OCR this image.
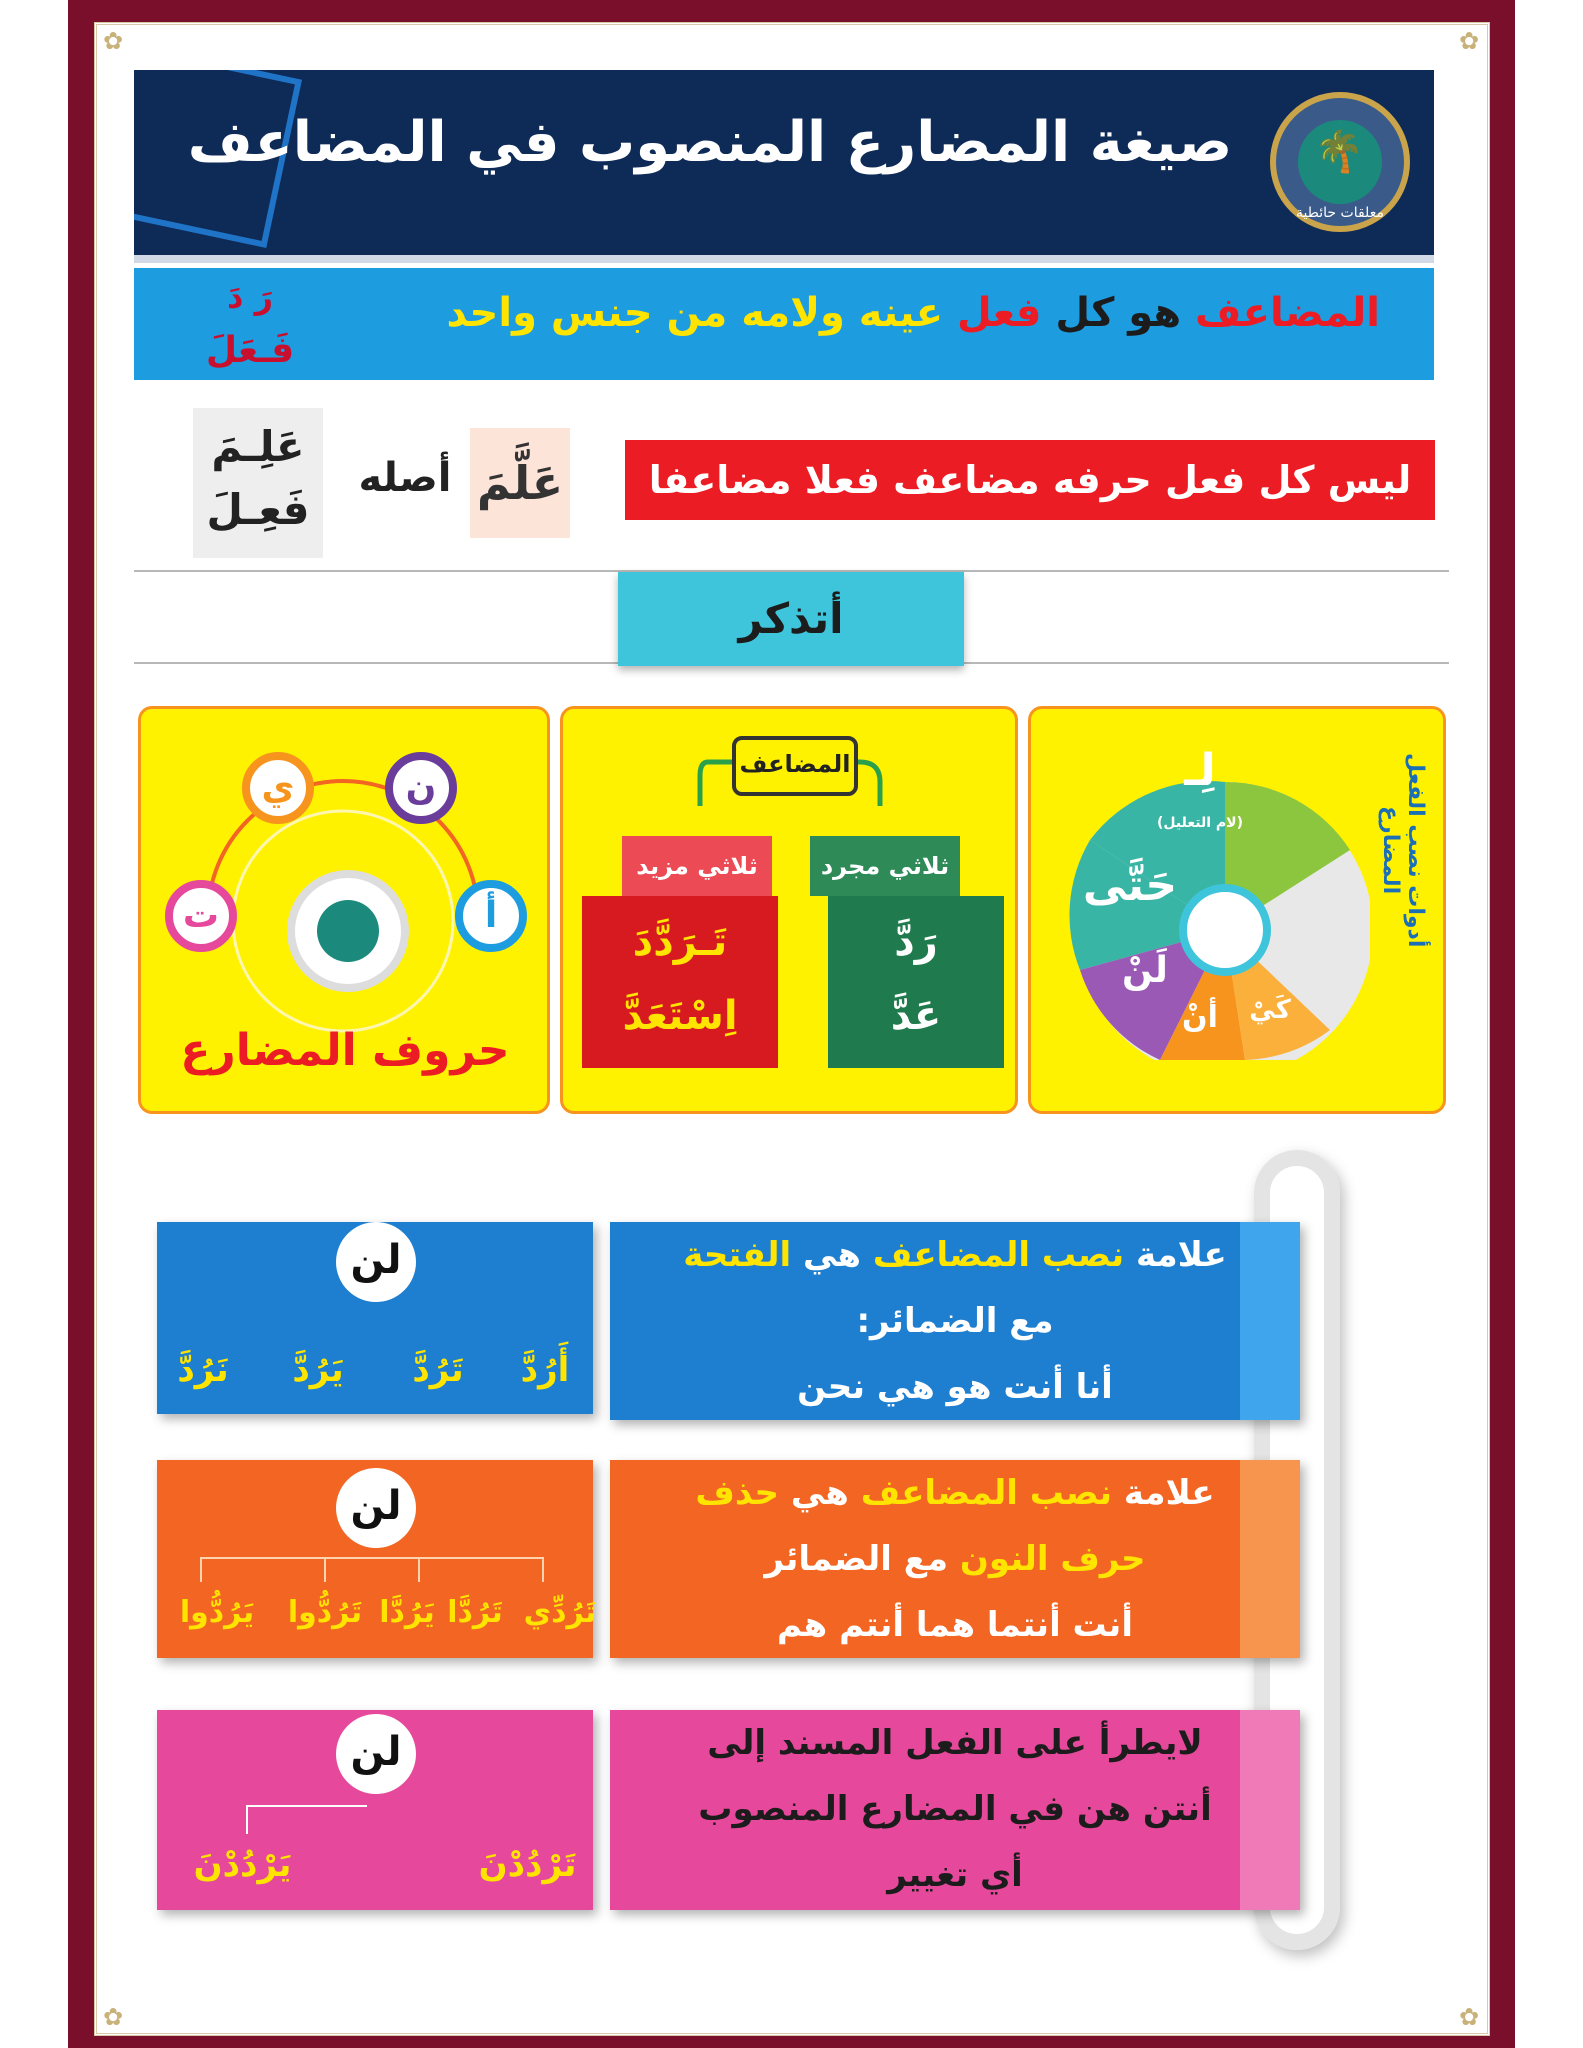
✿	✿
✿	✿
صيغة المضارع المنصوب في المضاعف 🌴
معلقات حائطية
المضاعف هو كل فعل عينه ولامه من جنس واحد
رَ دَ
فَـعَلَ
ليس كل فعل حرفه مضاعف فعلا مضاعفا
عَلَّمَ
أصله
عَلِـمَ
فَعِـلَ
أتذكر
أدوات نصب الفعل المضارع
لِـ
(لام التعليل)
حَتَّى
لَنْ
أنْ	كَيْ
المضاعف
ثلاثي مجرد
ثلاثي مزيد
رَدَّ
عَدَّ
تَـرَدَّدَ
اِسْتَعَدَّ
أ
ن
ي
ت
حروف المضارع
علامة نصب المضاعف هي الفتحة
مع الضمائر:
أنا أنت هو هي نحن
لن
أَرُدَّ
تَرُدَّ
يَرُدَّ
نَرُدَّ
علامة نصب المضاعف هي حذف
حرف النون مع الضمائر
أنت أنتما هما أنتم هم
لن
تَرُدِّي
تَرُدَّا
يَرُدَّا
تَرُدُّوا
يَرُدُّوا
لايطرأ على الفعل المسند إلى
أنتن هن في المضارع المنصوب
أي تغيير
لن
تَرْدُدْنَ
يَرْدُدْنَ
